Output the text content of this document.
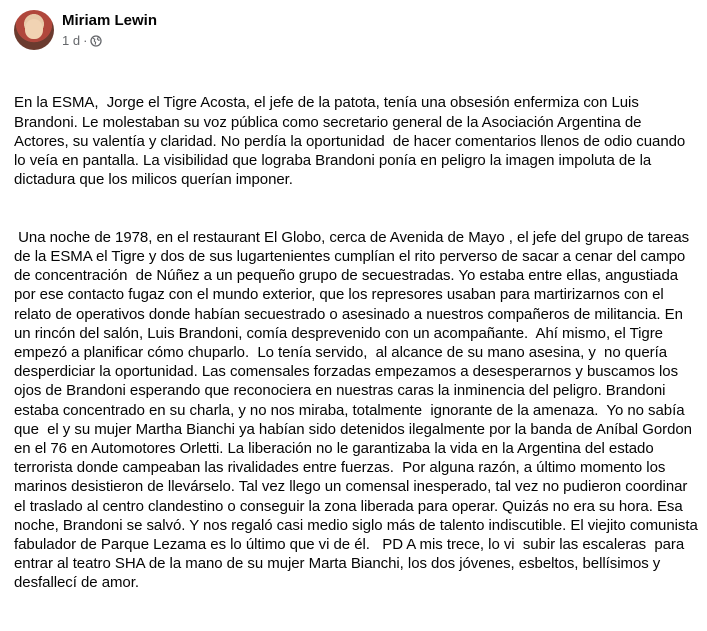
Miriam Lewin
1 d ·

En la ESMA,  Jorge el Tigre Acosta, el jefe de la patota, tenía una obsesión enfermiza con Luis Brandoni. Le molestaban su voz pública como secretario general de la Asociación Argentina de Actores, su valentía y claridad. No perdía la oportunidad  de hacer comentarios llenos de odio cuando lo veía en pantalla. La visibilidad que lograba Brandoni ponía en peligro la imagen impoluta de la dictadura que los milicos querían imponer.

Una noche de 1978, en el restaurant El Globo, cerca de Avenida de Mayo , el jefe del grupo de tareas de la ESMA el Tigre y dos de sus lugartenientes cumplían el rito perverso de sacar a cenar del campo de concentración  de Núñez a un pequeño grupo de secuestradas. Yo estaba entre ellas, angustiada por ese contacto fugaz con el mundo exterior, que los represores usaban para martirizarnos con el relato de operativos donde habían secuestrado o asesinado a nuestros compañeros de militancia. En un rincón del salón, Luis Brandoni, comía desprevenido con un acompañante.  Ahí mismo, el Tigre empezó a planificar cómo chuparlo.  Lo tenía servido,  al alcance de su mano asesina, y  no quería desperdiciar la oportunidad. Las comensales forzadas empezamos a desesperarnos y buscamos los ojos de Brandoni esperando que reconociera en nuestras caras la inminencia del peligro. Brandoni estaba concentrado en su charla, y no nos miraba, totalmente  ignorante de la amenaza.  Yo no sabía que  el y su mujer Martha Bianchi ya habían sido detenidos ilegalmente por la banda de Aníbal Gordon en el 76 en Automotores Orletti. La liberación no le garantizaba la vida en la Argentina del estado terrorista donde campeaban las rivalidades entre fuerzas.  Por alguna razón, a último momento los marinos desistieron de llevárselo. Tal vez llego un comensal inesperado, tal vez no pudieron coordinar el traslado al centro clandestino o conseguir la zona liberada para operar. Quizás no era su hora. Esa noche, Brandoni se salvó. Y nos regaló casi medio siglo más de talento indiscutible. El viejito comunista fabulador de Parque Lezama es lo último que vi de él.   PD A mis trece, lo vi  subir las escaleras  para entrar al teatro SHA de la mano de su mujer Marta Bianchi, los dos jóvenes, esbeltos, bellísimos y desfallecí de amor.
